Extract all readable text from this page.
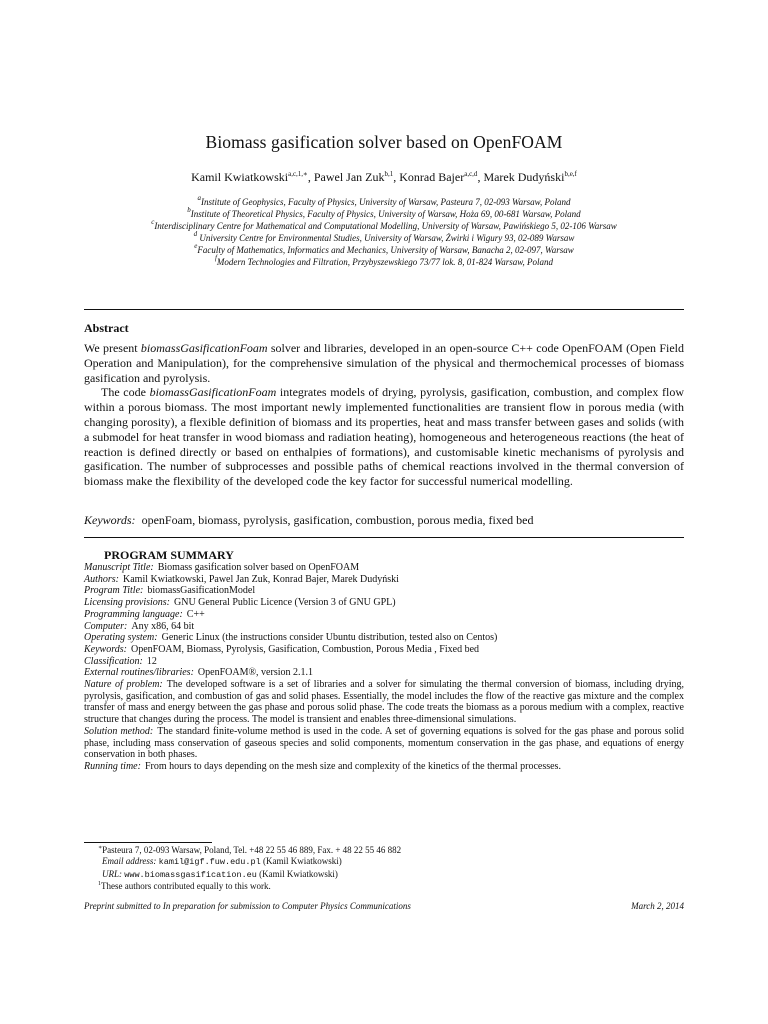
Biomass gasification solver based on OpenFOAM
Kamil Kwiatkowski$^{a,c,1,∗}$, Pawel Jan Zuk$^{b,1}$, Konrad Bajer$^{a,c,d}$, Marek Dudyński$^{b,e,f}$
$^a$Institute of Geophysics, Faculty of Physics, University of Warsaw, Pasteura 7, 02-093 Warsaw, Poland
$^b$Institute of Theoretical Physics, Faculty of Physics, University of Warsaw, Hoża 69, 00-681 Warsaw, Poland
$^c$Interdisciplinary Centre for Mathematical and Computational Modelling, University of Warsaw, Pawińskiego 5, 02-106 Warsaw
$^d$ University Centre for Environmental Studies, University of Warsaw, Żwirki i Wigury 93, 02-089 Warsaw
$^e$Faculty of Mathematics, Informatics and Mechanics, University of Warsaw, Banacha 2, 02-097, Warsaw
$^f$Modern Technologies and Filtration, Przybyszewskiego 73/77 lok. 8, 01-824 Warsaw, Poland
Abstract

We present biomassGasificationFoam solver and libraries, developed in an open-source C++ code OpenFOAM (Open Field Operation and Manipulation), for the comprehensive simulation of the physical and thermochemical processes of biomass gasification and pyrolysis.

The code biomassGasificationFoam integrates models of drying, pyrolysis, gasification, combustion, and complex flow within a porous biomass. The most important newly implemented functionalities are transient flow in porous media (with changing porosity), a flexible definition of biomass and its properties, heat and mass transfer between gases and solids (with a submodel for heat transfer in wood biomass and radiation heating), homogeneous and heterogeneous reactions (the heat of reaction is defined directly or based on enthalpies of formations), and customisable kinetic mechanisms of pyrolysis and gasification. The number of subprocesses and possible paths of chemical reactions involved in the thermal conversion of biomass make the flexibility of the developed code the key factor for successful numerical modelling.

Keywords: openFoam, biomass, pyrolysis, gasification, combustion, porous media, fixed bed
PROGRAM SUMMARY

Manuscript Title: Biomass gasification solver based on OpenFOAM

Authors: Kamil Kwiatkowski, Pawel Jan Zuk, Konrad Bajer, Marek Dudyński

Program Title: biomassGasificationModel

Licensing provisions: GNU General Public Licence (Version 3 of GNU GPL)

Programming language: C++

Computer: Any x86, 64 bit

Operating system: Generic Linux (the instructions consider Ubuntu distribution, tested also on Centos)

Keywords: OpenFOAM, Biomass, Pyrolysis, Gasification, Combustion, Porous Media , Fixed bed

Classification: 12

External routines/libraries: OpenFOAM®, version 2.1.1

Nature of problem: The developed software is a set of libraries and a solver for simulating the thermal conversion of biomass, including drying, pyrolysis, gasification, and combustion of gas and solid phases. Essentially, the model includes the flow of the reactive gas mixture and the complex transfer of mass and energy between the gas phase and porous solid phase. The code treats the biomass as a porous medium with a complex, reactive structure that changes during the process. The model is transient and enables three-dimensional simulations.

Solution method: The standard finite-volume method is used in the code. A set of governing equations is solved for the gas phase and porous solid phase, including mass conservation of gaseous species and solid components, momentum conservation in the gas phase, and equations of energy conservation in both phases.

Running time: From hours to days depending on the mesh size and complexity of the kinetics of the thermal processes.

∗Pasteura 7, 02-093 Warsaw, Poland, Tel. +48 22 55 46 889, Fax. + 48 22 55 46 882

Email address: kamil@igf.fuw.edu.pl (Kamil Kwiatkowski)

URL: www.biomassgasification.eu (Kamil Kwiatkowski)

$^1$These authors contributed equally to this work.

Preprint submitted to In preparation for submission to Computer Physics Communications	March 2, 2014
